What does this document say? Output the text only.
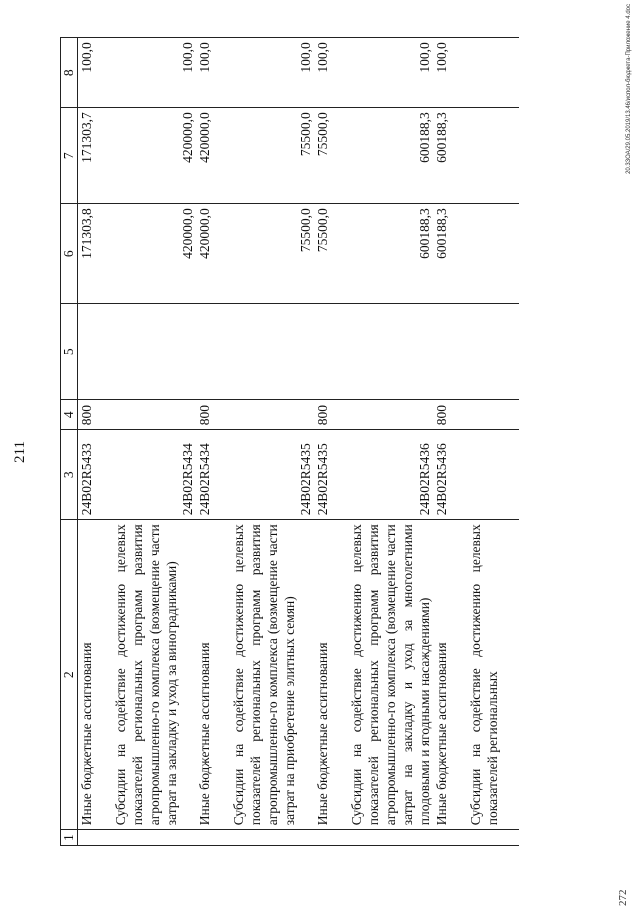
211
1	2	3	4	5	6	7	8
	Иные бюджетные ассигнования	24В02R5433	800		171303,8	171303,7	100,0
	Субсидии на содействие достижению целевых показателей региональных программ развития агропромышленно-го комплекса (возмещение части затрат на закладку и уход за виноградниками)	24В02R5434			420000,0	420000,0	100,0
	Иные бюджетные ассигнования	24В02R5434	800		420000,0	420000,0	100,0
	Субсидии на содействие достижению целевых показателей региональных программ развития агропромышленно-го комплекса (возмещение части затрат на приобретение элитных семян)	24В02R5435			75500,0	75500,0	100,0
	Иные бюджетные ассигнования	24В02R5435	800		75500,0	75500,0	100,0
	Субсидии на содействие достижению целевых показателей региональных программ развития агропромышленно-го комплекса (возмещение части затрат на закладку и уход за многолетними плодовыми и ягодными насаждениями)	24В02R5436			600188,3	600188,3	100,0
	Иные бюджетные ассигнования	24В02R5436	800		600188,3	600188,3	100,0
	Субсидии на содействие достижению целевых показателей региональных						
20.33ОА/29.05.2019/13.46/испол-бюджета-Приложение 4.doc
272
